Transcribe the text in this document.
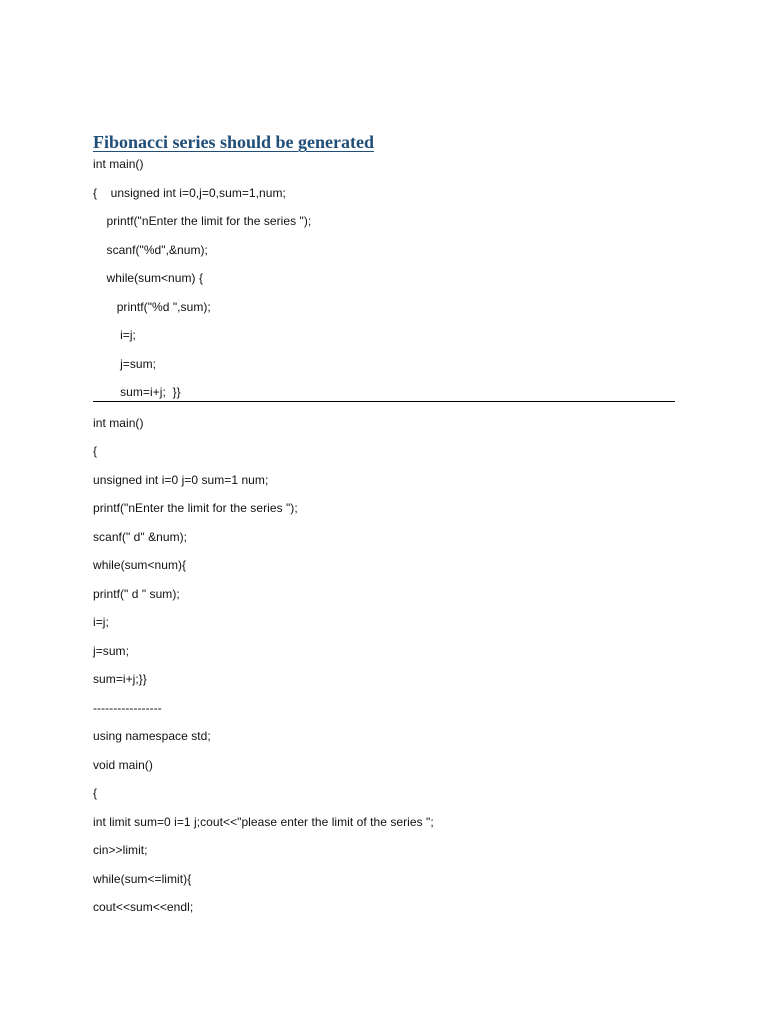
Fibonacci series should be generated
int main()
{    unsigned int i=0,j=0,sum=1,num;
printf("nEnter the limit for the series ");
scanf("%d",&num);
while(sum<num) {
printf("%d ",sum);
i=j;
j=sum;
sum=i+j;  }}
int main()
{
unsigned int i=0 j=0 sum=1 num;
printf("nEnter the limit for the series ");
scanf(" d" &num);
while(sum<num){
printf(" d " sum);
i=j;
j=sum;
sum=i+j;}}
-----------------
using namespace std;
void main()
{
int limit sum=0 i=1 j;cout<<"please enter the limit of the series ";
cin>>limit;
while(sum<=limit){
cout<<sum<<endl;
